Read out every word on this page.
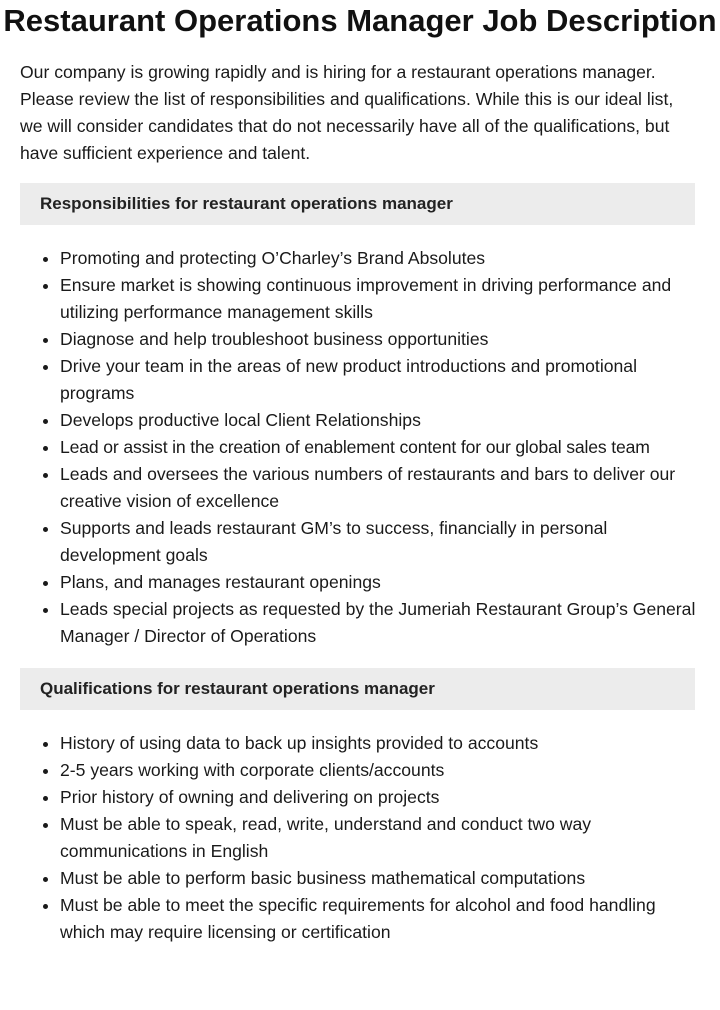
Restaurant Operations Manager Job Description

Our company is growing rapidly and is hiring for a restaurant operations manager. Please review the list of responsibilities and qualifications. While this is our ideal list, we will consider candidates that do not necessarily have all of the qualifications, but have sufficient experience and talent.

Responsibilities for restaurant operations manager
• Promoting and protecting O’Charley’s Brand Absolutes
• Ensure market is showing continuous improvement in driving performance and utilizing performance management skills
• Diagnose and help troubleshoot business opportunities
• Drive your team in the areas of new product introductions and promotional programs
• Develops productive local Client Relationships
• Lead or assist in the creation of enablement content for our global sales team
• Leads and oversees the various numbers of restaurants and bars to deliver our creative vision of excellence
• Supports and leads restaurant GM’s to success, financially in personal development goals
• Plans, and manages restaurant openings
• Leads special projects as requested by the Jumeriah Restaurant Group’s General Manager / Director of Operations
Qualifications for restaurant operations manager
• History of using data to back up insights provided to accounts
• 2-5 years working with corporate clients/accounts
• Prior history of owning and delivering on projects
• Must be able to speak, read, write, understand and conduct two way communications in English
• Must be able to perform basic business mathematical computations
• Must be able to meet the specific requirements for alcohol and food handling which may require licensing or certification
